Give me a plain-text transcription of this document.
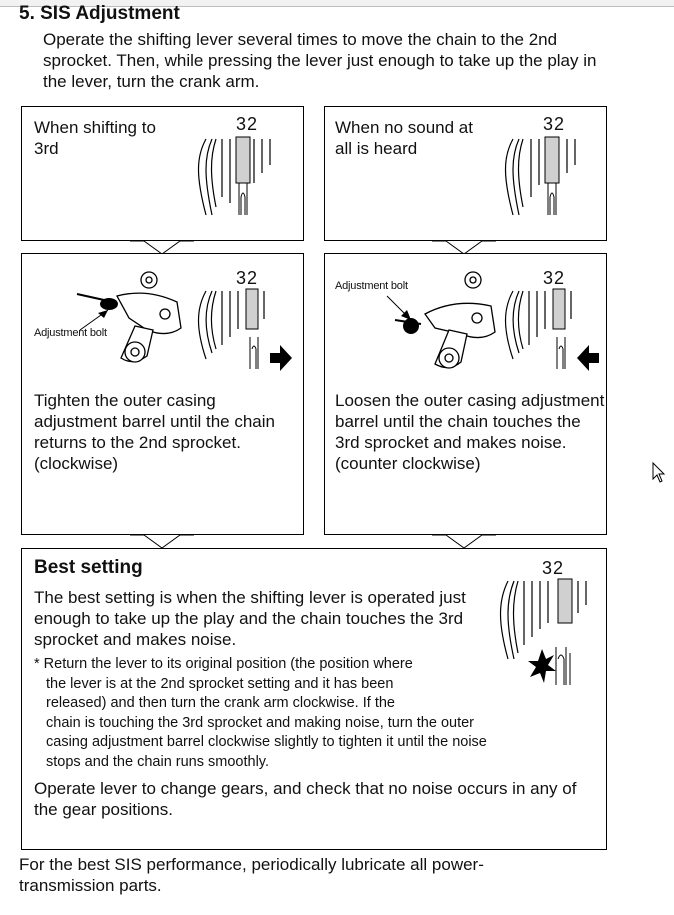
5. SIS Adjustment
Operate the shifting lever several times to move the chain to the 2nd sprocket. Then, while pressing the lever just enough to take up the play in the lever, turn the crank arm.
When shifting to 3rd
32	When no sound at all is heard
32
32
Adjustment bolt
Tighten the outer casing adjustment barrel until the chain returns to the 2nd sprocket. (clockwise)
32
Adjustment bolt
Loosen the outer casing adjustment barrel until the chain touches the 3rd sprocket and makes noise. (counter clockwise)
Best setting	32
The best setting is when the shifting lever is operated just enough to take up the play and the chain touches the 3rd sprocket and makes noise.
* Return the lever to its original position (the position where
the lever is at the 2nd sprocket setting and it has been
released) and then turn the crank arm clockwise. If the
chain is touching the 3rd sprocket and making noise, turn the outer
casing adjustment barrel clockwise slightly to tighten it until the noise
stops and the chain runs smoothly.
Operate lever to change gears, and check that no noise occurs in any of the gear positions.
For the best SIS performance, periodically lubricate all power-transmission parts.
